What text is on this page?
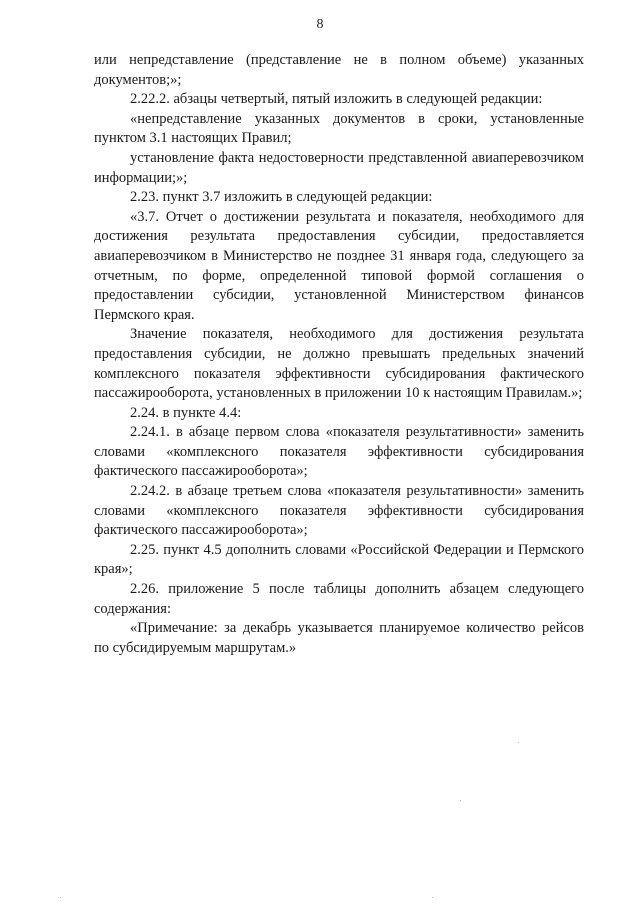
8

или непредставление (представление не в полном объеме) указанных документов;»;

2.22.2. абзацы четвертый, пятый изложить в следующей редакции:

«непредставление указанных документов в сроки, установленные пунктом 3.1 настоящих Правил;

установление факта недостоверности представленной авиаперевозчиком информации;»;

2.23. пункт 3.7 изложить в следующей редакции:

«3.7. Отчет о достижении результата и показателя, необходимого для достижения результата предоставления субсидии, предоставляется авиаперевозчиком в Министерство не позднее 31 января года, следующего за отчетным, по форме, определенной типовой формой соглашения о предоставлении субсидии, установленной Министерством финансов Пермского края.

Значение показателя, необходимого для достижения результата предоставления субсидии, не должно превышать предельных значений комплексного показателя эффективности субсидирования фактического пассажирооборота, установленных в приложении 10 к настоящим Правилам.»;

2.24. в пункте 4.4:

2.24.1. в абзаце первом слова «показателя результативности» заменить словами «комплексного показателя эффективности субсидирования фактического пассажирооборота»;

2.24.2. в абзаце третьем слова «показателя результативности» заменить словами «комплексного показателя эффективности субсидирования фактического пассажирооборота»;

2.25. пункт 4.5 дополнить словами «Российской Федерации и Пермского края»;

2.26. приложение 5 после таблицы дополнить абзацем следующего содержания:

«Примечание: за декабрь указывается планируемое количество рейсов по субсидируемым маршрутам.»
